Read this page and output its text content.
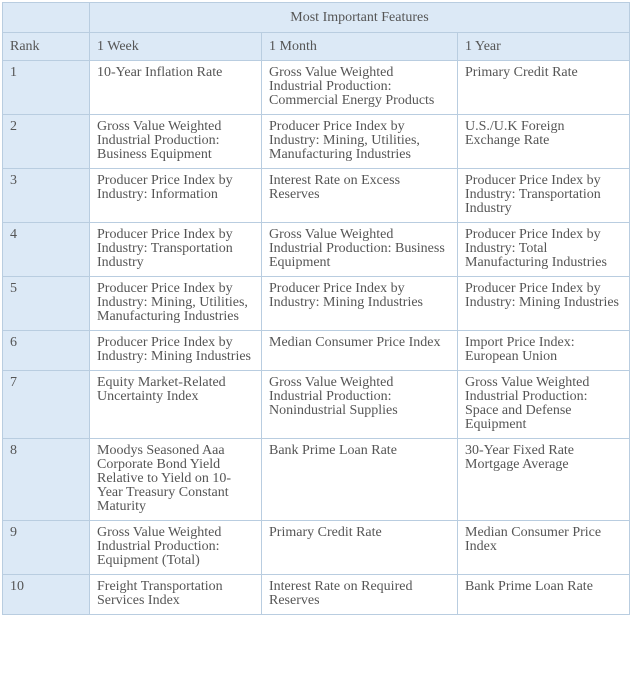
	Most Important Features		
Rank	1 Week	1 Month	1 Year
1	10-Year Inflation Rate	Gross Value Weighted Industrial Production: Commercial Energy Products	Primary Credit Rate
2	Gross Value Weighted Industrial Production: Business Equipment	Producer Price Index by Industry: Mining, Utilities, Manufacturing Industries	U.S./U.K Foreign Exchange Rate
3	Producer Price Index by Industry: Information	Interest Rate on Excess Reserves	Producer Price Index by Industry: Transportation Industry
4	Producer Price Index by Industry: Transportation Industry	Gross Value Weighted Industrial Production: Business Equipment	Producer Price Index by Industry: Total Manufacturing Industries
5	Producer Price Index by Industry: Mining, Utilities, Manufacturing Industries	Producer Price Index by Industry: Mining Industries	Producer Price Index by Industry: Mining Industries
6	Producer Price Index by Industry: Mining Industries	Median Consumer Price Index	Import Price Index: European Union
7	Equity Market-Related Uncertainty Index	Gross Value Weighted Industrial Production: Nonindustrial Supplies	Gross Value Weighted Industrial Production: Space and Defense Equipment
8	Moodys Seasoned Aaa Corporate Bond Yield Relative to Yield on 10-Year Treasury Constant Maturity	Bank Prime Loan Rate	30-Year Fixed Rate Mortgage Average
9	Gross Value Weighted Industrial Production: Equipment (Total)	Primary Credit Rate	Median Consumer Price Index
10	Freight Transportation Services Index	Interest Rate on Required Reserves	Bank Prime Loan Rate
